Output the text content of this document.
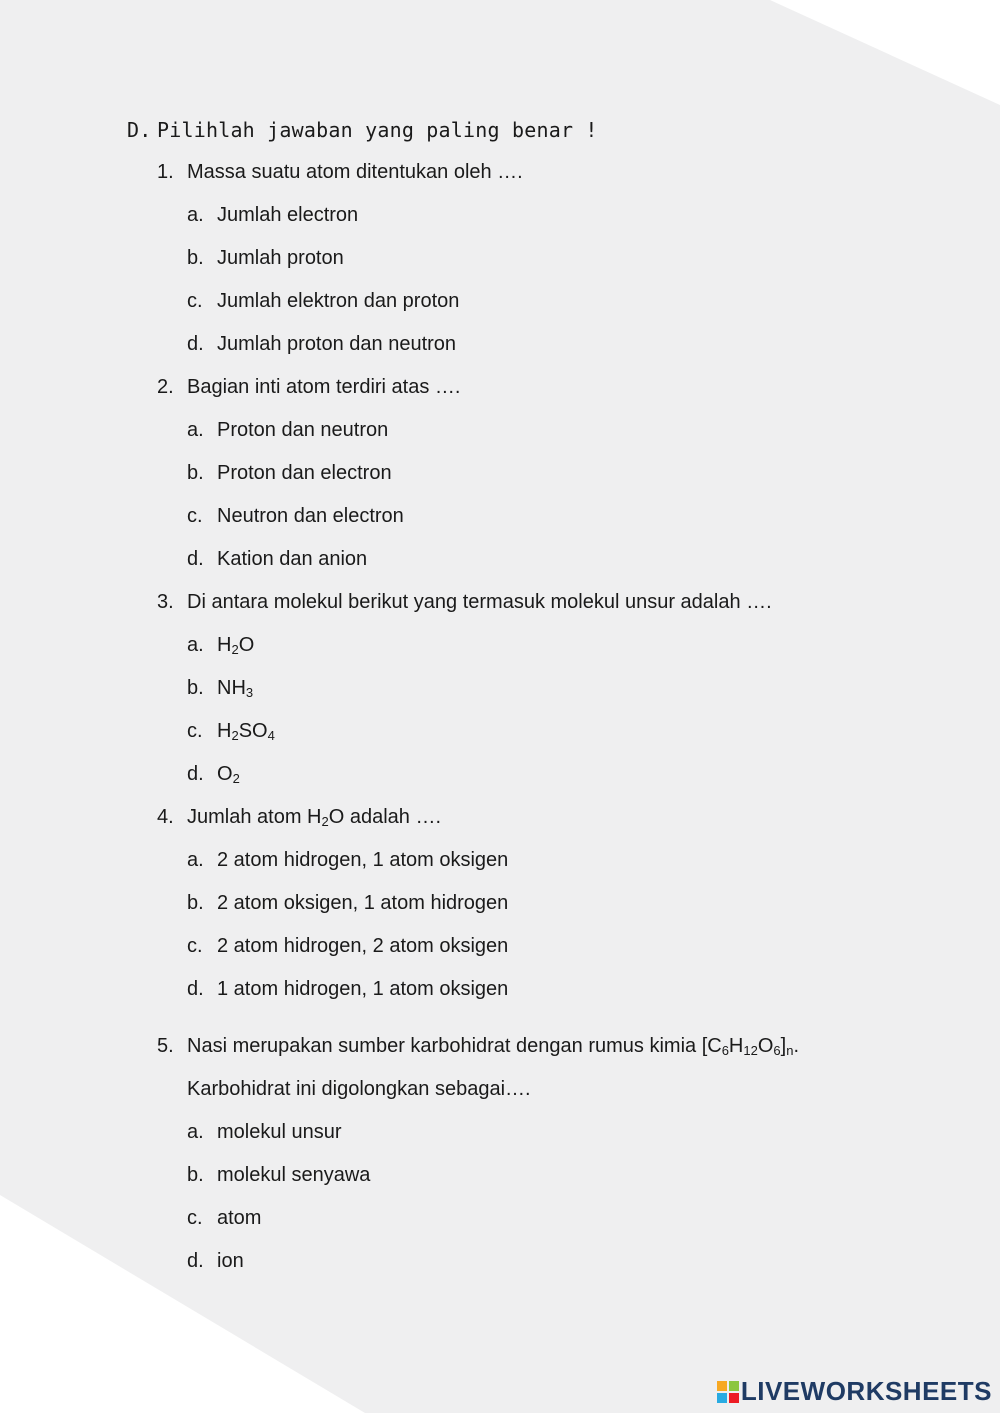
D. Pilihlah jawaban yang paling benar !
1. Massa suatu atom ditentukan oleh ….
a. Jumlah electron
b. Jumlah proton
c. Jumlah elektron dan proton
d. Jumlah proton dan neutron
2. Bagian inti atom terdiri atas ….
a. Proton dan neutron
b. Proton dan electron
c. Neutron dan electron
d. Kation dan anion
3. Di antara molekul berikut yang termasuk molekul unsur adalah ….
a. $H_2O$
b. $NH_3$
c. $H_2SO_4$
d. $O_2$
4. Jumlah atom $H_2O$ adalah ….
a. 2 atom hidrogen, 1 atom oksigen
b. 2 atom oksigen, 1 atom hidrogen
c. 2 atom hidrogen, 2 atom oksigen
d. 1 atom hidrogen, 1 atom oksigen
5. Nasi merupakan sumber karbohidrat dengan rumus kimia $[C_6H_{12}O_6]_n$.
Karbohidrat ini digolongkan sebagai….
a. molekul unsur
b. molekul senyawa
c. atom
d. ion
LIVEWORKSHEETS
